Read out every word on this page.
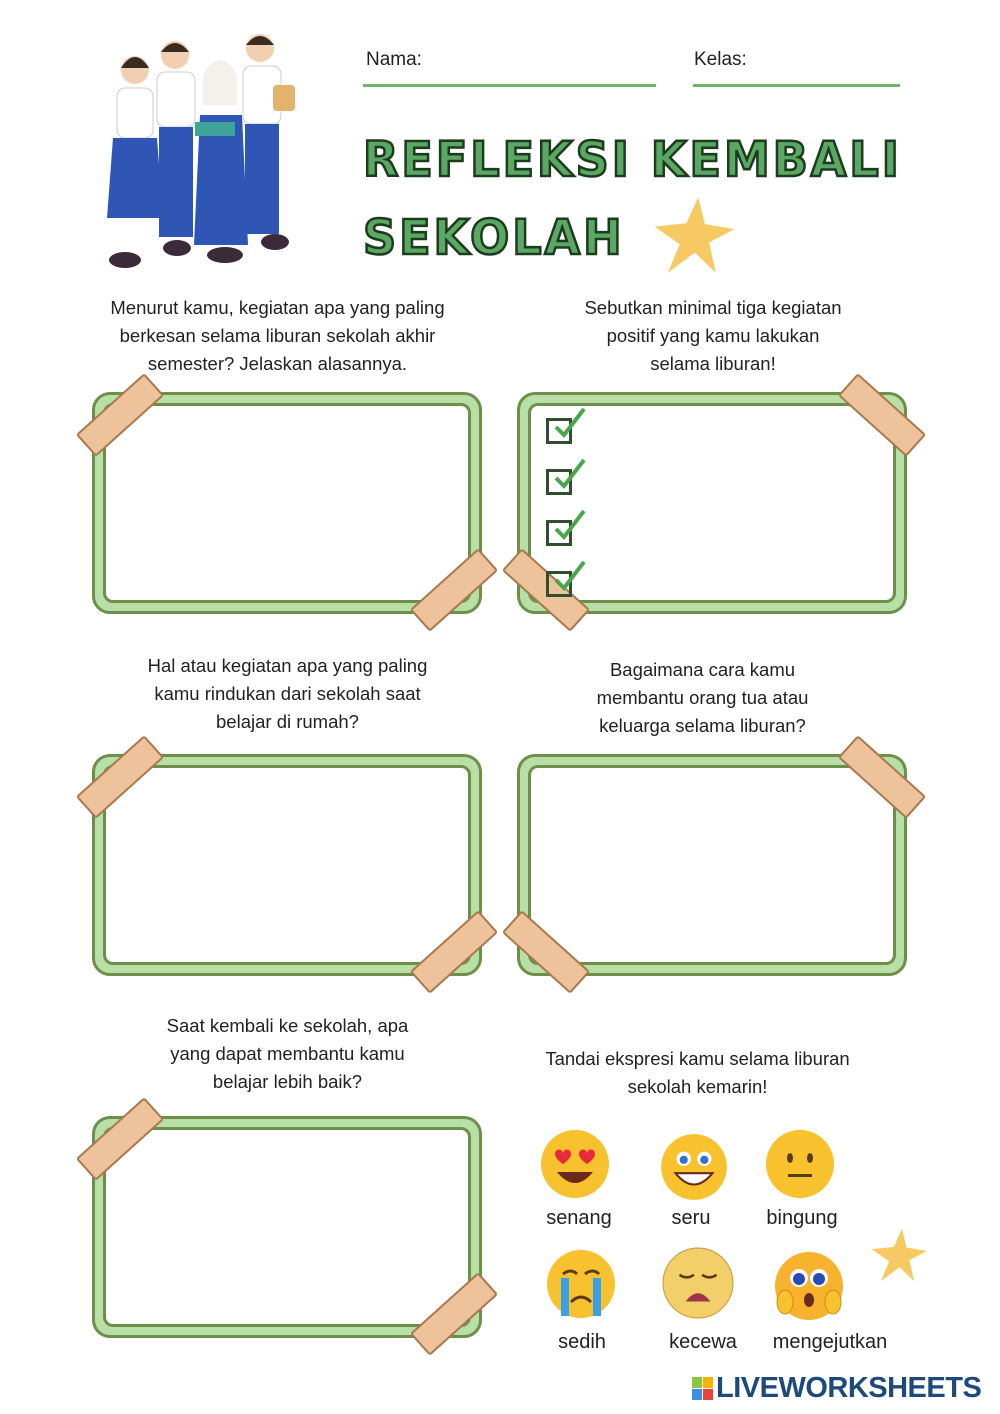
Nama:	Kelas:
REFLEKSI KEMBALI
SEKOLAH
Menurut kamu, kegiatan apa yang paling berkesan selama liburan sekolah akhir semester? Jelaskan alasannya.
Sebutkan minimal tiga kegiatan positif yang kamu lakukan selama liburan!
Hal atau kegiatan apa yang paling kamu rindukan dari sekolah saat belajar di rumah?
Bagaimana cara kamu membantu orang tua atau keluarga selama liburan?
Saat kembali ke sekolah, apa yang dapat membantu kamu belajar lebih baik?
Tandai ekspresi kamu selama liburan sekolah kemarin!
senang	seru	bingung
sedih	kecewa	mengejutkan
LIVEWORKSHEETS
